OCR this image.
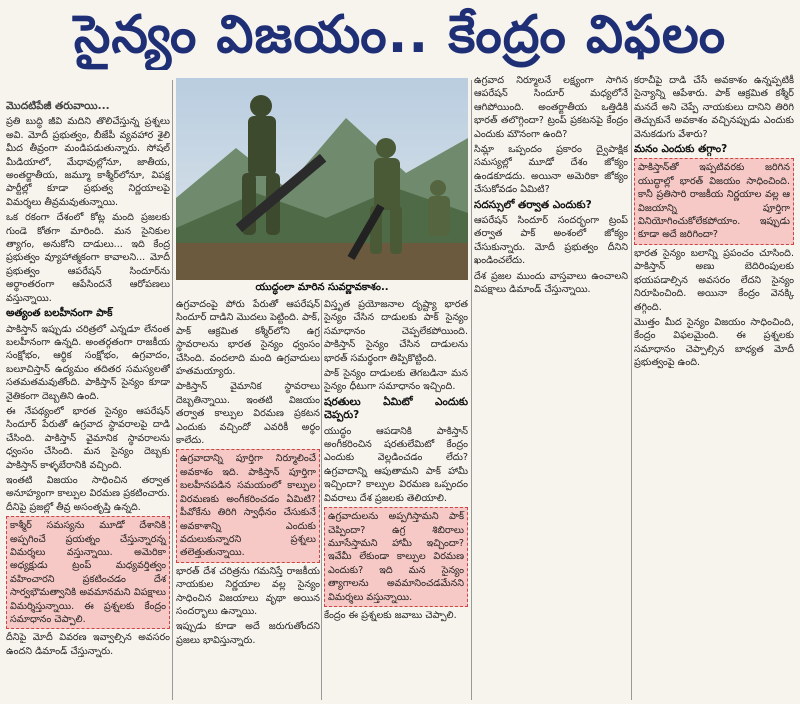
సైన్యం విజయం.. కేంద్రం విఫలం

మొదటిపేజీ తరువాయి...

ప్రతి బుద్ధి జీవి మదిని తొలిచేస్తున్న ప్రశ్నలు అవి. మోదీ ప్రభుత్వం, బీజేపీ వ్యవహార శైలి మీద తీవ్రంగా మండిపడుతున్నారు. సోషల్ మీడియాలో, మేధావుల్లోనూ, జాతీయ, అంతర్జాతీయ, జమ్మూ కాశ్మీర్‌లోనూ, విపక్ష పార్టీల్లో కూడా ప్రభుత్వ నిర్ణయాలపై విమర్శలు తీవ్రమవుతున్నాయి.

ఒక రకంగా దేశంలో కోట్ల మంది ప్రజలకు గుండె కోతగా మారింది. మన సైనికుల త్యాగం, అనుకోని దాడులు... ఇది కేంద్ర ప్రభుత్వం వ్యూహాత్మకంగా కావాలని... మోదీ ప్రభుత్వం ఆపరేషన్ సిందూర్‌ను అర్థాంతరంగా ఆపేసిందనే ఆరోపణలు వస్తున్నాయి.

అత్యంత బలహీనంగా పాక్

పాకిస్తాన్ ఇప్పుడు చరిత్రలో ఎన్నడూ లేనంత బలహీనంగా ఉన్నది. అంతర్గతంగా రాజకీయ సంక్షోభం, ఆర్థిక సంక్షోభం, ఉగ్రవాదం, బలూచిస్తాన్ ఉద్యమం తదితర సమస్యలతో సతమతమవుతోంది. పాకిస్తాన్ సైన్యం కూడా నైతికంగా దెబ్బతిని ఉంది.

ఈ నేపథ్యంలో భారత సైన్యం ఆపరేషన్ సిందూర్ పేరుతో ఉగ్రవాద స్థావరాలపై దాడి చేసింది. పాకిస్తాన్ వైమానిక స్థావరాలను ధ్వంసం చేసింది. మన సైన్యం దెబ్బకు పాకిస్తాన్ కాళ్ళబేరానికి వచ్చింది.

ఇంతటి విజయం సాధించిన తర్వాత అనూహ్యంగా కాల్పుల విరమణ ప్రకటించారు. దీనిపై ప్రజల్లో తీవ్ర అసంతృప్తి ఉన్నది.

కాశ్మీర్ సమస్యను మూడో దేశానికి అప్పగించే ప్రయత్నం చేస్తున్నారన్న విమర్శలు వస్తున్నాయి. అమెరికా అధ్యక్షుడు ట్రంప్ మధ్యవర్తిత్వం వహించారని ప్రకటించడం దేశ సార్వభౌమత్వానికి అవమానమని విపక్షాలు విమర్శిస్తున్నాయి. ఈ ప్రశ్నలకు కేంద్రం సమాధానం చెప్పాలి.

దీనిపై మోదీ వివరణ ఇవ్వాల్సిన అవసరం ఉందని డిమాండ్ చేస్తున్నారు.

యుద్ధంలా మారిన సువర్ణావకాశం..

ఉగ్రవాదంపై పోరు పేరుతో ఆపరేషన్ సిందూర్ దాడిని మొదలు పెట్టింది. పాక్, పాక్ ఆక్రమిత కశ్మీర్‌లోని ఉగ్ర స్థావరాలను భారత సైన్యం ధ్వంసం చేసింది. వందలాది మంది ఉగ్రవాదులు హతమయ్యారు.

పాకిస్తాన్ వైమానిక స్థావరాలు దెబ్బతిన్నాయి. ఇంతటి విజయం తర్వాత కాల్పుల విరమణ ప్రకటన ఎందుకు వచ్చిందో ఎవరికీ అర్థం కాలేదు.

ఉగ్రవాదాన్ని పూర్తిగా నిర్మూలించే అవకాశం ఇది. పాకిస్తాన్ పూర్తిగా బలహీనపడిన సమయంలో కాల్పుల విరమణకు అంగీకరించడం ఏమిటి? పీవోకేను తిరిగి స్వాధీనం చేసుకునే అవకాశాన్ని ఎందుకు వదులుకున్నారని ప్రశ్నలు తలెత్తుతున్నాయి.

భారత్ దేశ చరిత్రను గమనిస్తే రాజకీయ నాయకుల నిర్ణయాల వల్ల సైన్యం సాధించిన విజయాలు వృథా అయిన సందర్భాలు ఉన్నాయి.

ఇప్పుడు కూడా అదే జరుగుతోందని ప్రజలు భావిస్తున్నారు.

విస్తృత ప్రయోజనాల దృష్ట్యా భారత సైన్యం చేసిన దాడులకు పాక్ సైన్యం సమాధానం చెప్పలేకపోయింది. పాకిస్తాన్ సైన్యం చేసిన దాడులను భారత్ సమర్థంగా తిప్పికొట్టింది.

పాక్ సైన్యం దాడులకు తెగబడినా మన సైన్యం ధీటుగా సమాధానం ఇచ్చింది.

షరతులు ఏమిటో ఎందుకు చెప్పరు?

యుద్ధం ఆపడానికి పాకిస్తాన్ అంగీకరించిన షరతులేమిటో కేంద్రం ఎందుకు వెల్లడించడం లేదు? ఉగ్రవాదాన్ని ఆపుతామని పాక్ హామీ ఇచ్చిందా? కాల్పుల విరమణ ఒప్పందం వివరాలు దేశ ప్రజలకు తెలియాలి.

ఉగ్రవాదులను అప్పగిస్తామని పాక్ చెప్పిందా? ఉగ్ర శిబిరాలు మూసేస్తామని హామీ ఇచ్చిందా? ఇవేమీ లేకుండా కాల్పుల విరమణ ఎందుకు? ఇది మన సైన్యం త్యాగాలను అవమానించడమేనని విమర్శలు వస్తున్నాయి.

కేంద్రం ఈ ప్రశ్నలకు జవాబు చెప్పాలి.

ఉగ్రవాద నిర్మూలనే లక్ష్యంగా సాగిన ఆపరేషన్ సిందూర్ మధ్యలోనే ఆగిపోయింది. అంతర్జాతీయ ఒత్తిడికి భారత్ తలొగ్గిందా? ట్రంప్ ప్రకటనపై కేంద్రం ఎందుకు మౌనంగా ఉంది?

సిమ్లా ఒప్పందం ప్రకారం ద్వైపాక్షిక సమస్యల్లో మూడో దేశం జోక్యం ఉండకూడదు. అయినా అమెరికా జోక్యం చేసుకోవడం ఏమిటి?

సదస్సులో తర్వాత ఎందుకు?

ఆపరేషన్ సిందూర్ సందర్భంగా ట్రంప్ తర్వాత పాక్ అంశంలో జోక్యం చేసుకున్నారు. మోదీ ప్రభుత్వం దీనిని ఖండించలేదు.

దేశ ప్రజల ముందు వాస్తవాలు ఉంచాలని విపక్షాలు డిమాండ్ చేస్తున్నాయి.

కరాచీపై దాడి చేసే అవకాశం ఉన్నప్పటికీ సైన్యాన్ని ఆపేశారు. పాక్ ఆక్రమిత కశ్మీర్ మనదే అని చెప్పే నాయకులు దానిని తిరిగి తెచ్చుకునే అవకాశం వచ్చినప్పుడు ఎందుకు వెనుకడుగు వేశారు?

మనం ఎందుకు తగ్గాం?

పాకిస్తాన్‌తో ఇప్పటివరకు జరిగిన యుద్ధాల్లో భారత్ విజయం సాధించింది. కానీ ప్రతిసారి రాజకీయ నిర్ణయాల వల్ల ఆ విజయాన్ని పూర్తిగా వినియోగించుకోలేకపోయాం. ఇప్పుడు కూడా అదే జరిగిందా?

భారత సైన్యం బలాన్ని ప్రపంచం చూసింది. పాకిస్తాన్ అణు బెదిరింపులకు భయపడాల్సిన అవసరం లేదని సైన్యం నిరూపించింది. అయినా కేంద్రం వెనక్కి తగ్గింది.

మొత్తం మీద సైన్యం విజయం సాధించింది, కేంద్రం విఫలమైంది. ఈ ప్రశ్నలకు సమాధానం చెప్పాల్సిన బాధ్యత మోదీ ప్రభుత్వంపై ఉంది.
